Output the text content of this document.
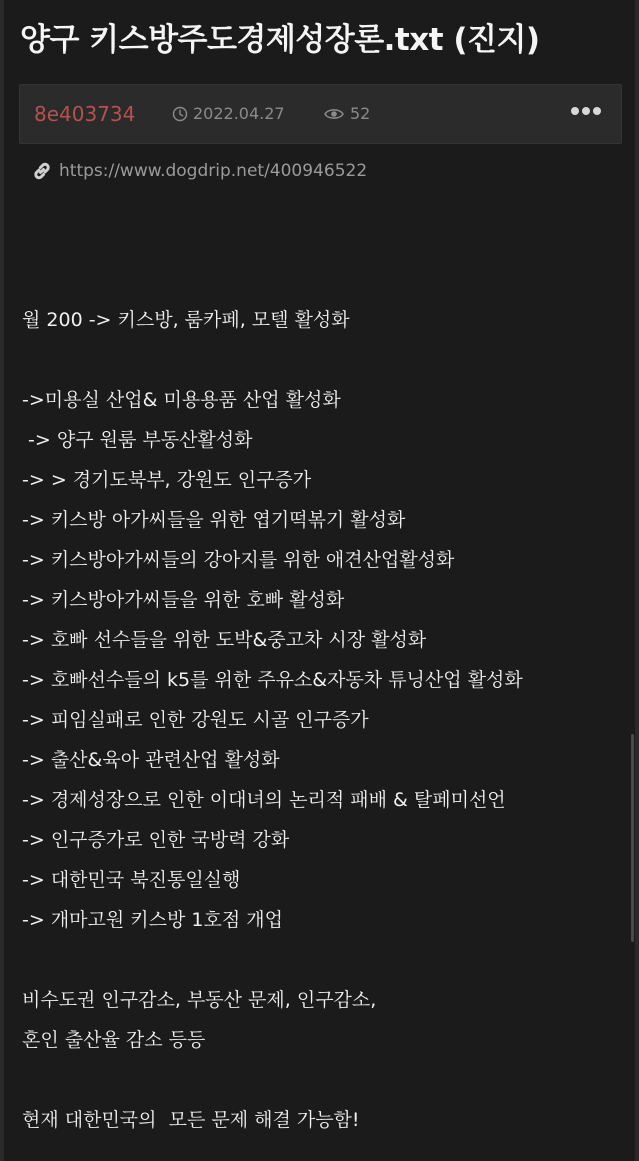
양구 키스방주도경제성장론.txt (진지)
8e403734	2022.04.27	52
https://www.dogdrip.net/400946522
월 200 -> 키스방, 룸카페, 모텔 활성화
->미용실 산업& 미용용품 산업 활성화
-> 양구 원룸 부동산활성화
-> > 경기도북부, 강원도 인구증가
-> 키스방 아가씨들을 위한 엽기떡볶기 활성화
-> 키스방아가씨들의 강아지를 위한 애견산업활성화
-> 키스방아가씨들을 위한 호빠 활성화
-> 호빠 선수들을 위한 도박&중고차 시장 활성화
-> 호빠선수들의 k5를 위한 주유소&자동차 튜닝산업 활성화
-> 피임실패로 인한 강원도 시골 인구증가
-> 출산&육아 관련산업 활성화
-> 경제성장으로 인한 이대녀의 논리적 패배 & 탈페미선언
-> 인구증가로 인한 국방력 강화
-> 대한민국 북진통일실행
-> 개마고원 키스방 1호점 개업
비수도권 인구감소, 부동산 문제, 인구감소,
혼인 출산율 감소 등등
현재 대한민국의  모든 문제 해결 가능함!
